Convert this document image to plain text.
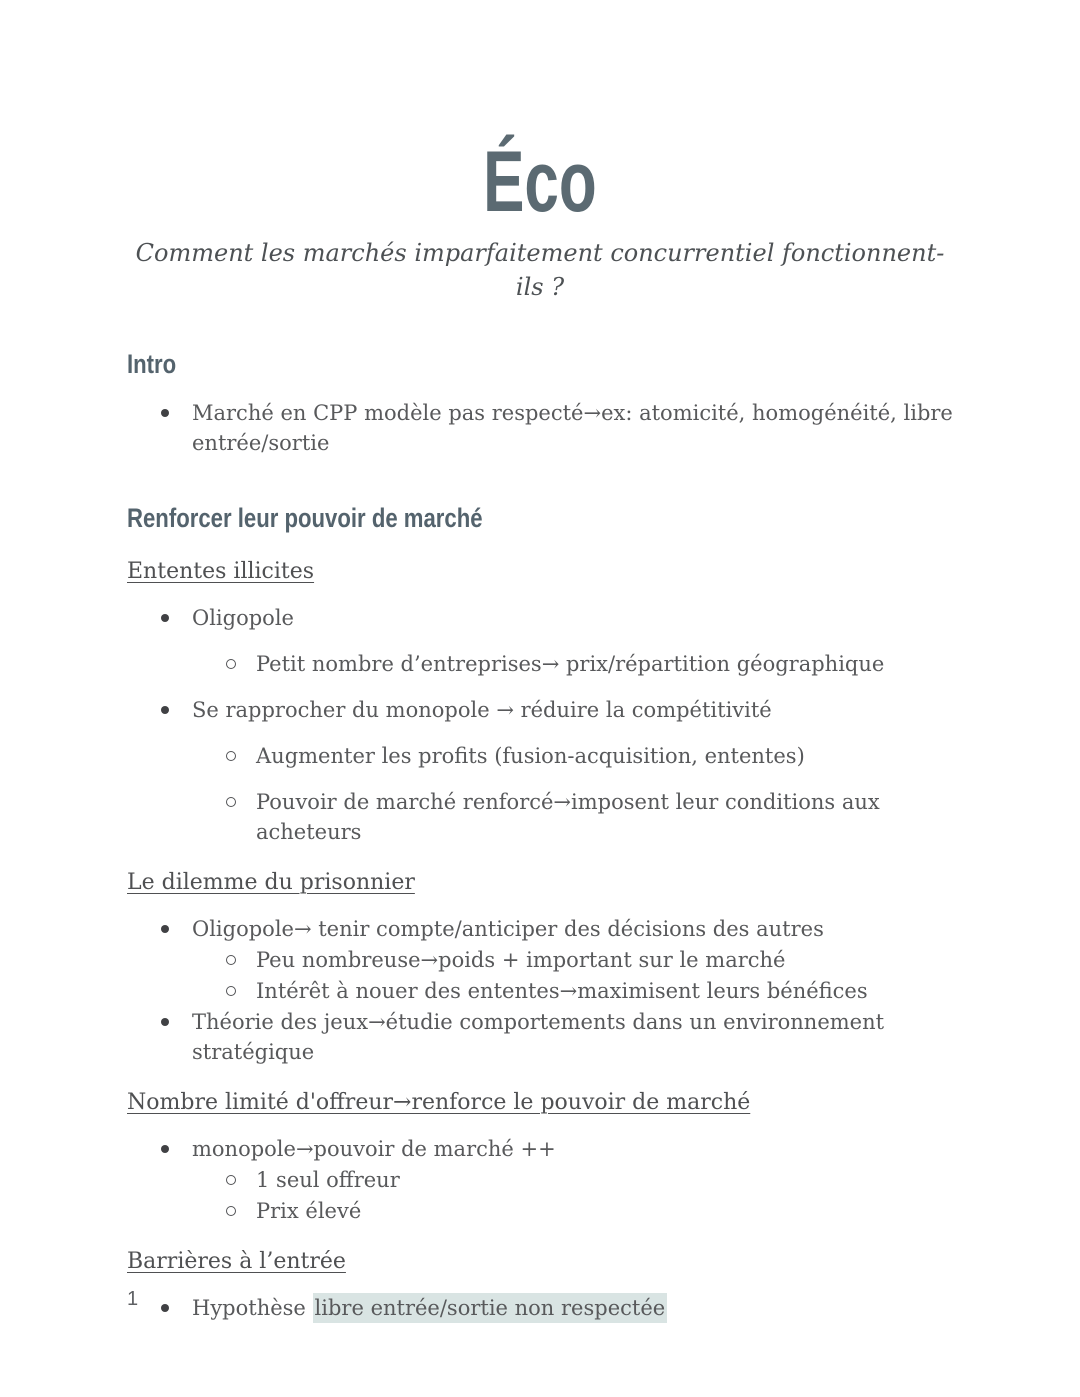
Éco
Comment les marchés imparfaitement concurrentiel fonctionnent-ils ?
Intro
Marché en CPP modèle pas respecté→ex: atomicité, homogénéité, libre entrée/sortie
Renforcer leur pouvoir de marché
Ententes illicites
Oligopole
Petit nombre d’entreprises→ prix/répartition géographique
Se rapprocher du monopole → réduire la compétitivité
Augmenter les profits (fusion-acquisition, ententes)
Pouvoir de marché renforcé→imposent leur conditions aux acheteurs
Le dilemme du prisonnier
Oligopole→ tenir compte/anticiper des décisions des autres
Peu nombreuse→poids + important sur le marché
Intérêt à nouer des ententes→maximisent leurs bénéfices
Théorie des jeux→étudie comportements dans un environnement stratégique
Nombre limité d'offreur→renforce le pouvoir de marché
monopole→pouvoir de marché ++
1 seul offreur
Prix élevé
Barrières à l’entrée
Hypothèse libre entrée/sortie non respectée
1
